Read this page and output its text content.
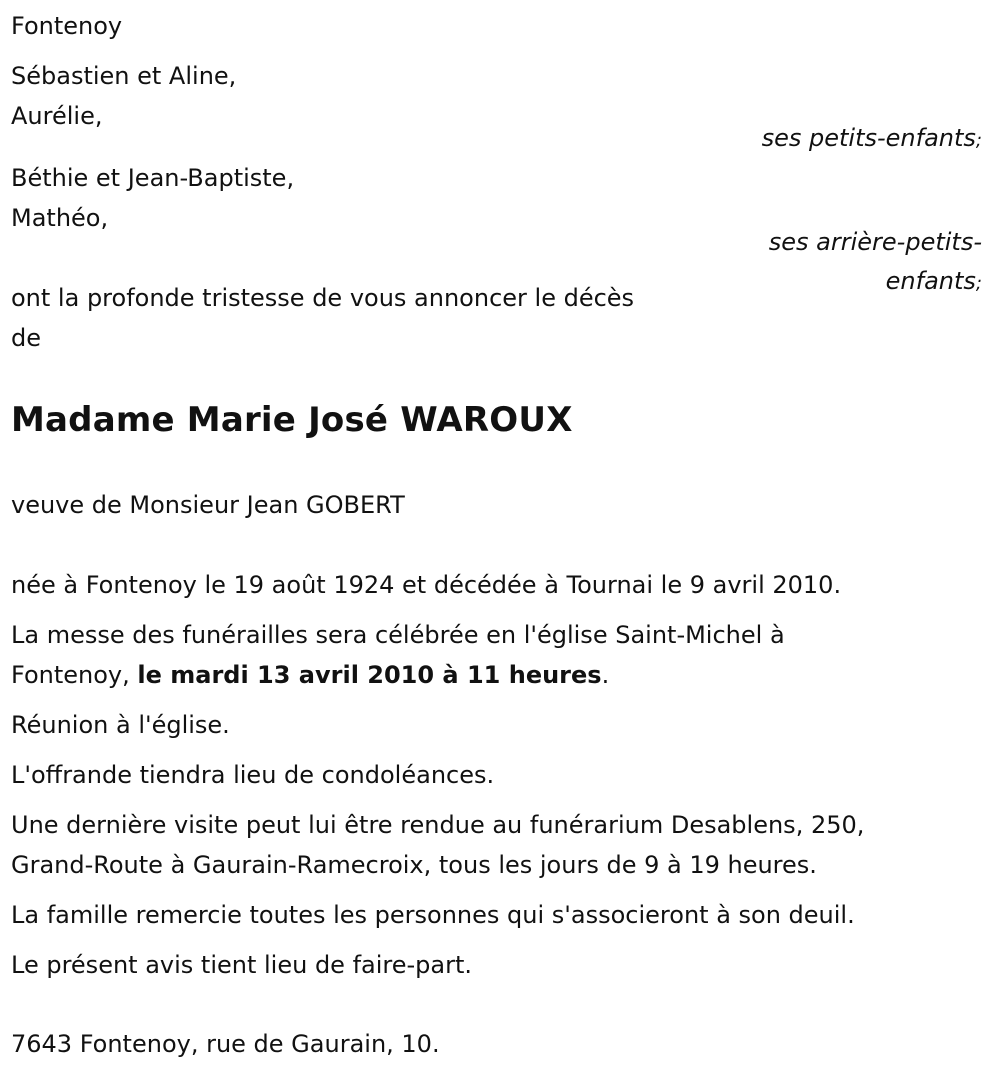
Fontenoy
Sébastien et Aline,
Aurélie,
ses petits-enfants;
Béthie et Jean-Baptiste,
Mathéo,
ses arrière-petits-
enfants;
ont la profonde tristesse de vous annoncer le décès
de
Madame Marie José WAROUX
veuve de Monsieur Jean GOBERT
née à Fontenoy le 19 août 1924 et décédée à Tournai le 9 avril 2010.
La messe des funérailles sera célébrée en l'église Saint-Michel à
Fontenoy, le mardi 13 avril 2010 à 11 heures.
Réunion à l'église.
L'offrande tiendra lieu de condoléances.
Une dernière visite peut lui être rendue au funérarium Desablens, 250,
Grand-Route à Gaurain-Ramecroix, tous les jours de 9 à 19 heures.
La famille remercie toutes les personnes qui s'associeront à son deuil.
Le présent avis tient lieu de faire-part.
7643 Fontenoy, rue de Gaurain, 10.
